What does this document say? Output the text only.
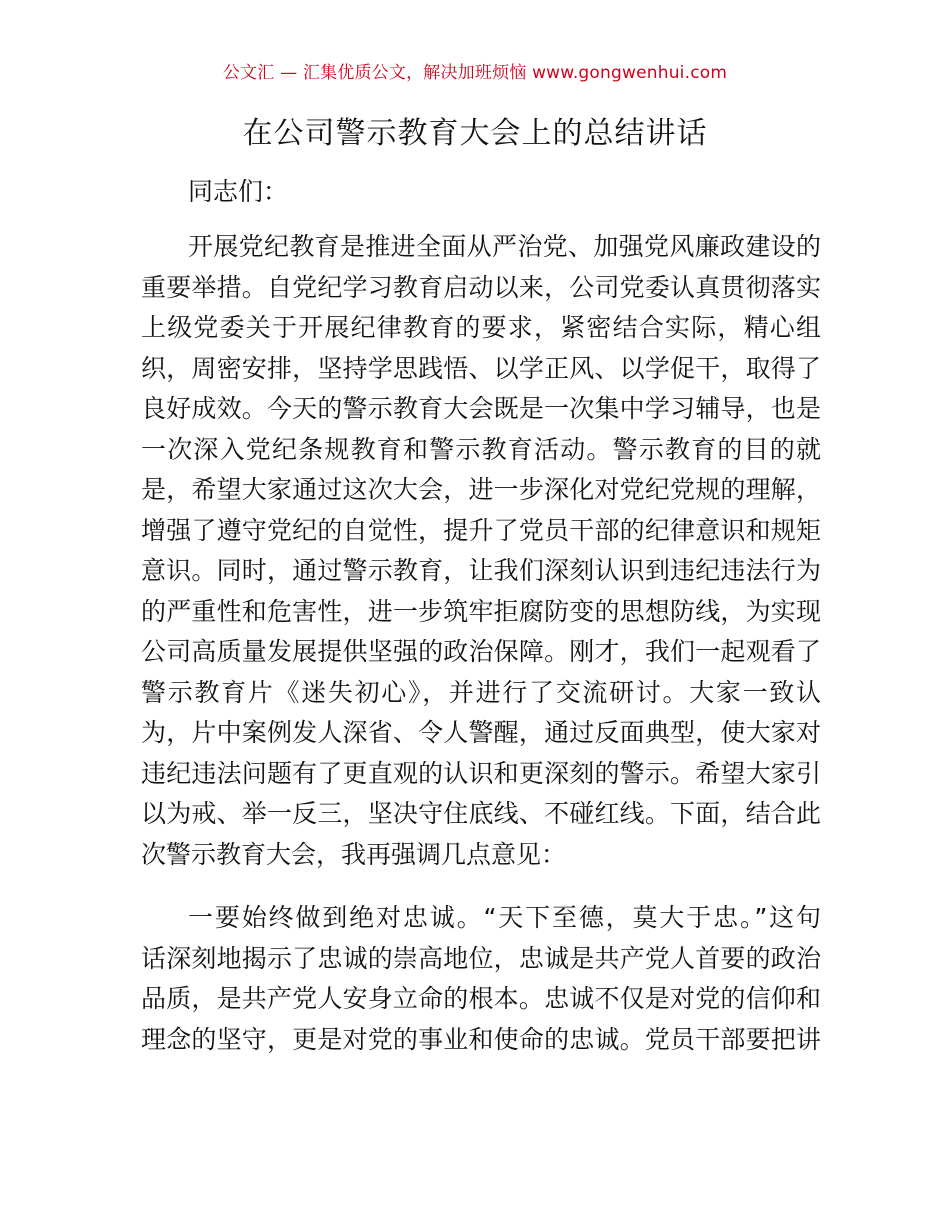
公文汇 — 汇集优质公文，解决加班烦恼 www.gongwenhui.com
在公司警示教育大会上的总结讲话

同志们：

开展党纪教育是推进全面从严治党、加强党风廉政建设的
重要举措。自党纪学习教育启动以来，公司党委认真贯彻落实
上级党委关于开展纪律教育的要求，紧密结合实际，精心组
织，周密安排，坚持学思践悟、以学正风、以学促干，取得了
良好成效。今天的警示教育大会既是一次集中学习辅导，也是
一次深入党纪条规教育和警示教育活动。警示教育的目的就
是，希望大家通过这次大会，进一步深化对党纪党规的理解，
增强了遵守党纪的自觉性，提升了党员干部的纪律意识和规矩
意识。同时，通过警示教育，让我们深刻认识到违纪违法行为
的严重性和危害性，进一步筑牢拒腐防变的思想防线，为实现
公司高质量发展提供坚强的政治保障。刚才，我们一起观看了
警示教育片《迷失初心》，并进行了交流研讨。大家一致认
为，片中案例发人深省、令人警醒，通过反面典型，使大家对
违纪违法问题有了更直观的认识和更深刻的警示。希望大家引
以为戒、举一反三，坚决守住底线、不碰红线。下面，结合此
次警示教育大会，我再强调几点意见：
一要始终做到绝对忠诚。“天下至德，莫大于忠。”这句
话深刻地揭示了忠诚的崇高地位，忠诚是共产党人首要的政治
品质，是共产党人安身立命的根本。忠诚不仅是对党的信仰和
理念的坚守，更是对党的事业和使命的忠诚。党员干部要把讲
